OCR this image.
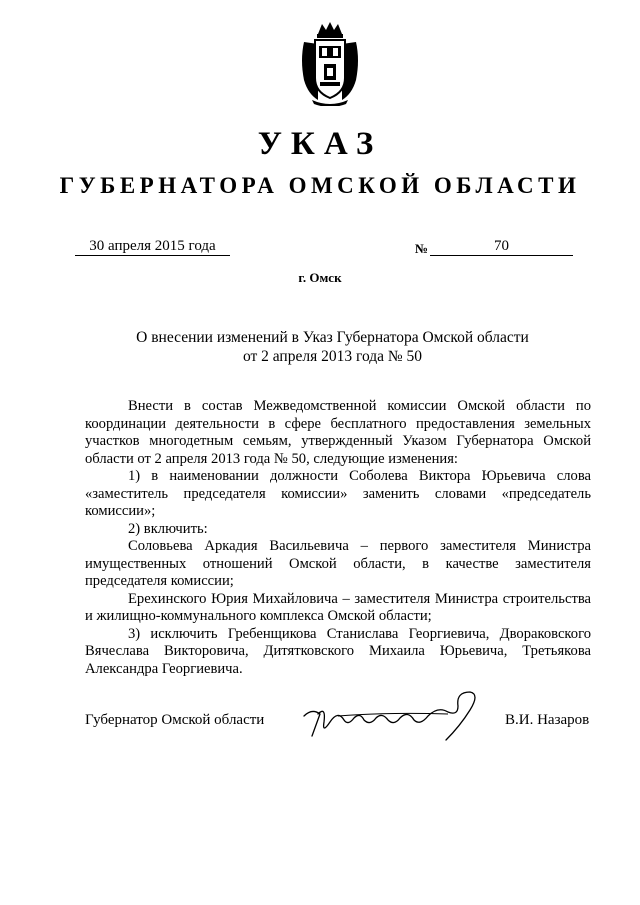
УКАЗ
ГУБЕРНАТОРА ОМСКОЙ ОБЛАСТИ
30 апреля 2015 года	№	70
г. Омск
О внесении изменений в Указ Губернатора Омской области
от 2 апреля 2013 года № 50

Внести в состав Межведомственной комиссии Омской области по координации деятельности в сфере бесплатного предоставления земельных участков многодетным семьям, утвержденный Указом Губернатора Омской области от 2 апреля 2013 года № 50, следующие изменения:

1) в наименовании должности Соболева Виктора Юрьевича слова «заместитель председателя комиссии» заменить словами «председатель комиссии»;

2) включить:

Соловьева Аркадия Васильевича – первого заместителя Министра имущественных отношений Омской области, в качестве заместителя председателя комиссии;

Ерехинского Юрия Михайловича – заместителя Министра строительства и жилищно-коммунального комплекса Омской области;

3) исключить Гребенщикова Станислава Георгиевича, Двораковского Вячеслава Викторовича, Дитятковского Михаила Юрьевича, Третьякова Александра Георгиевича.

Губернатор Омской области	В.И. Назаров
